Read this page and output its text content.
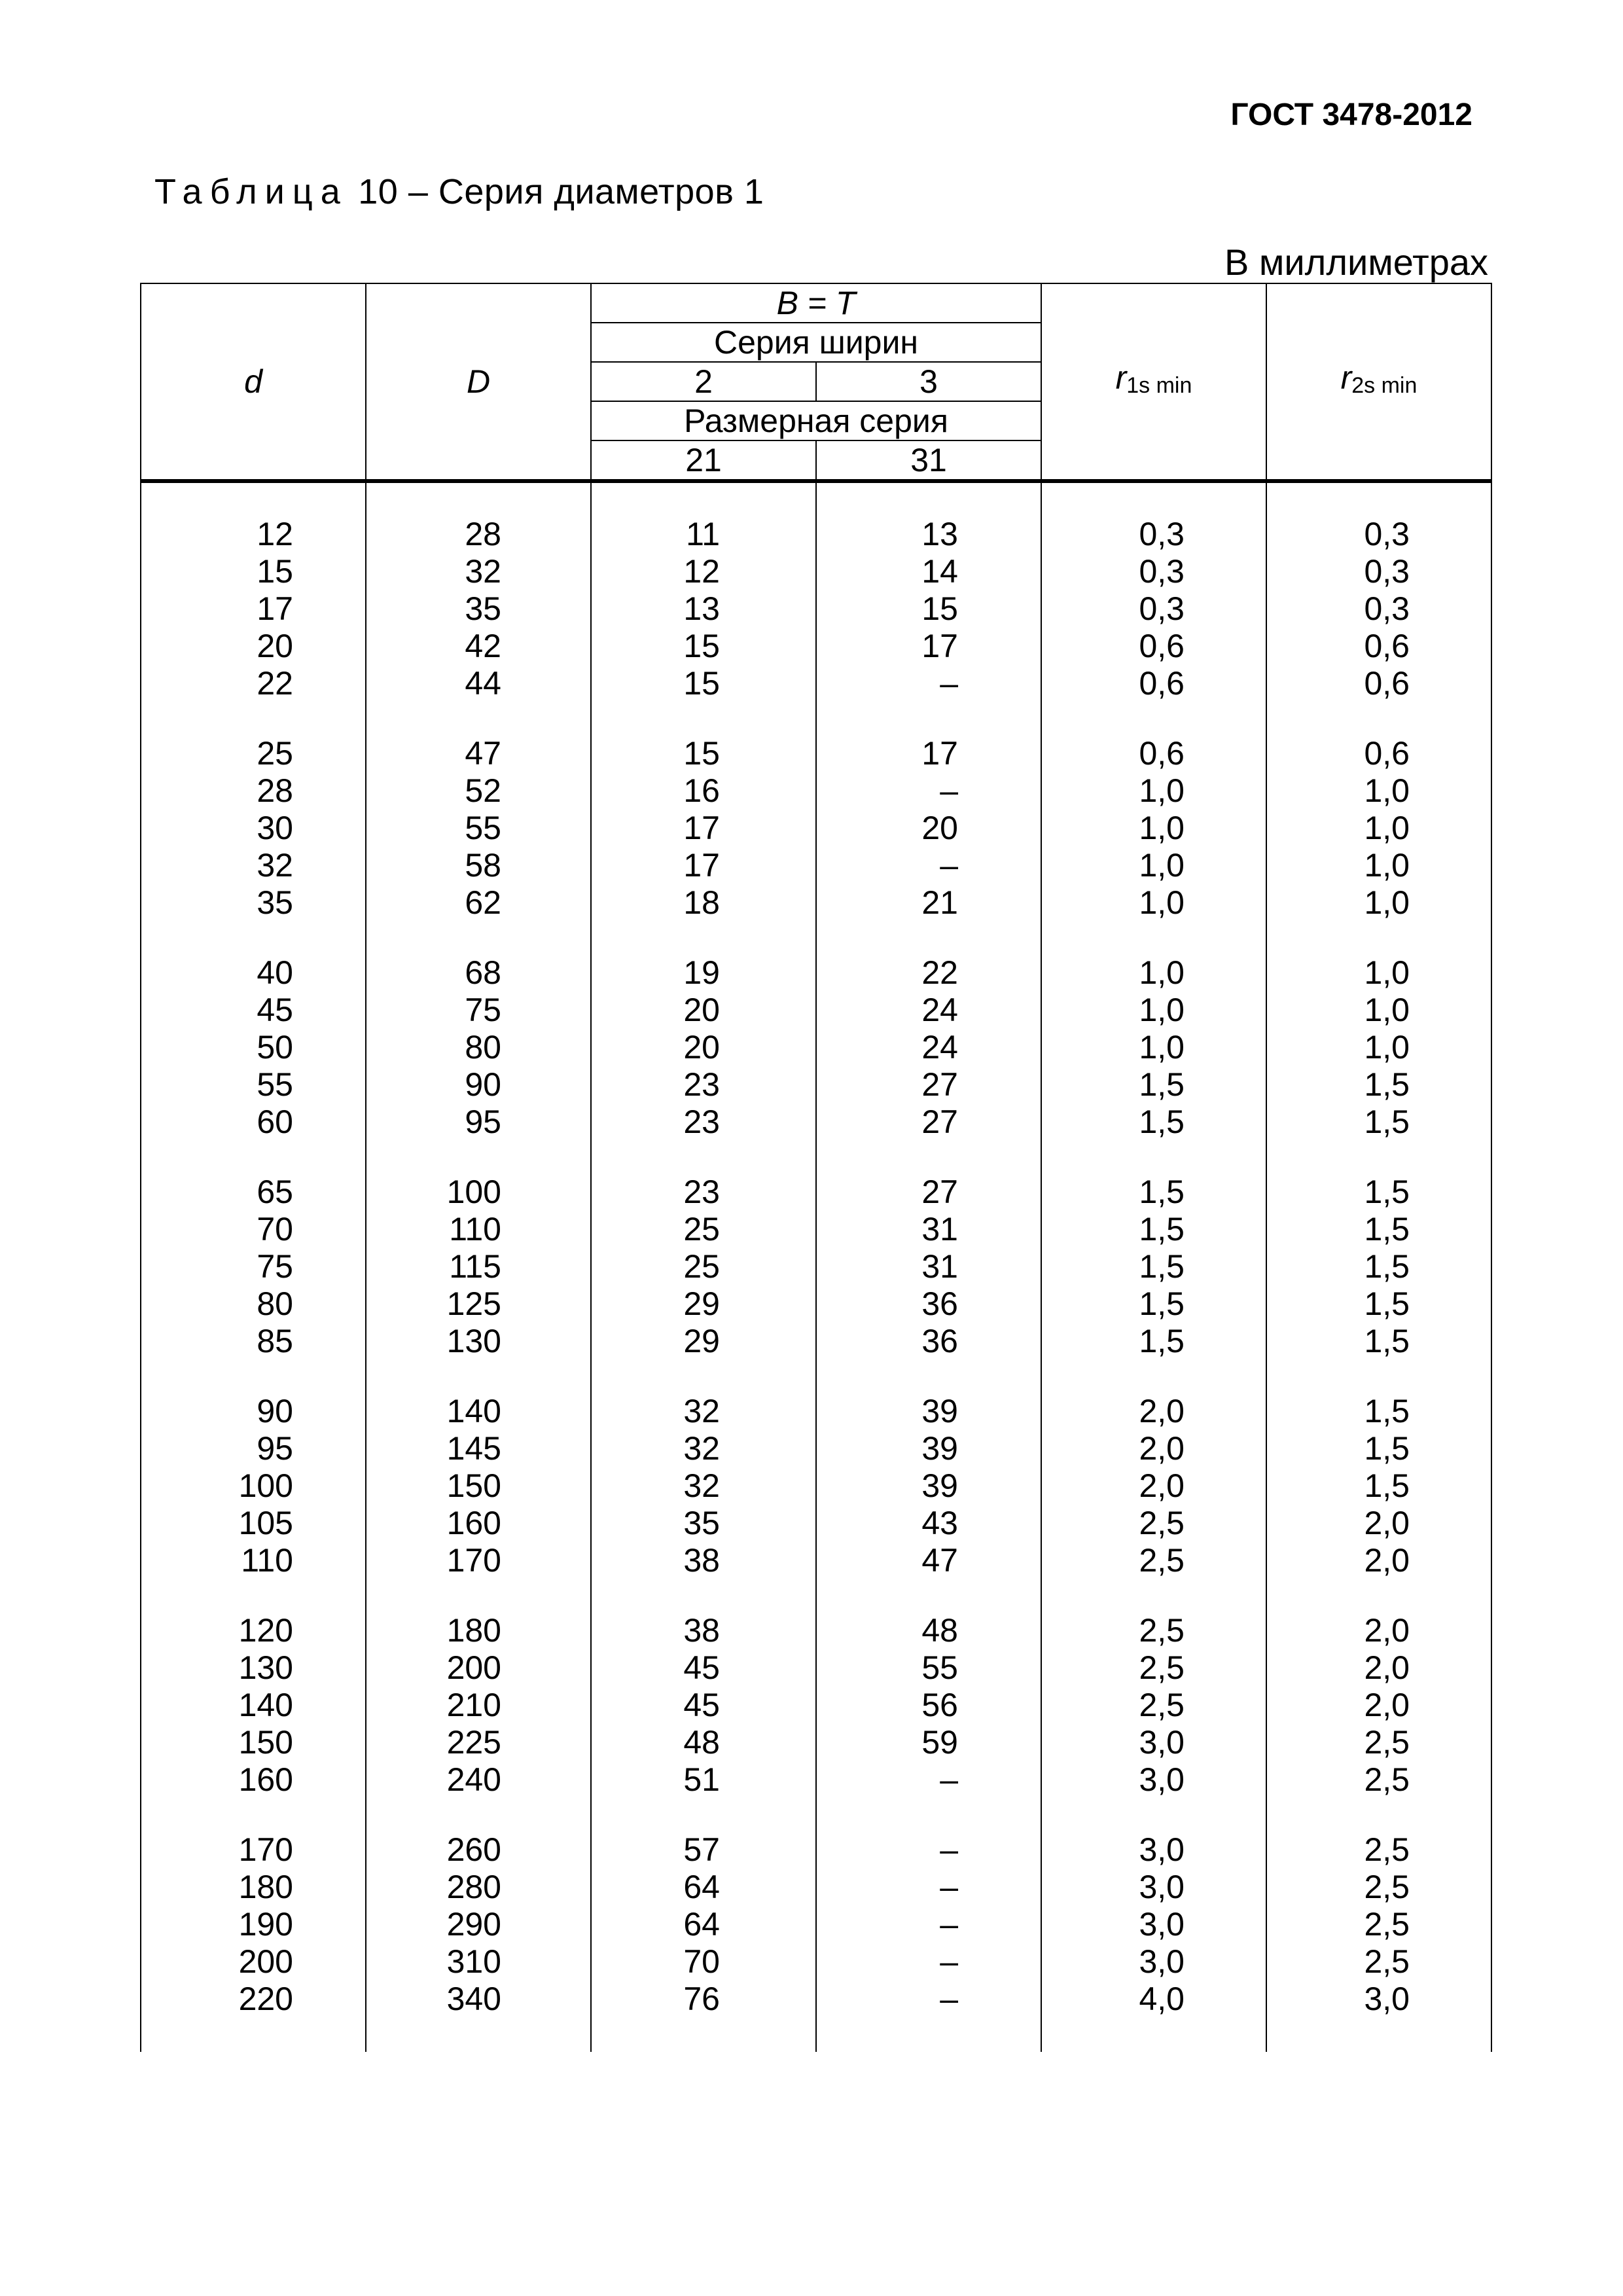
ГОСТ 3478-2012
Таблица 10 – Серия диаметров 1
В миллиметрах
d	D	B = T		$r_{1s min}$	$r_{2s min}$
		Серия ширин			
		2	3		
		Размерная серия			
		21	31		

12	28	11	13	0,3	0,3
15	32	12	14	0,3	0,3
17	35	13	15	0,3	0,3
20	42	15	17	0,6	0,6
22	44	15	–	0,6	0,6

25	47	15	17	0,6	0,6
28	52	16	–	1,0	1,0
30	55	17	20	1,0	1,0
32	58	17	–	1,0	1,0
35	62	18	21	1,0	1,0

40	68	19	22	1,0	1,0
45	75	20	24	1,0	1,0
50	80	20	24	1,0	1,0
55	90	23	27	1,5	1,5
60	95	23	27	1,5	1,5

65	100	23	27	1,5	1,5
70	110	25	31	1,5	1,5
75	115	25	31	1,5	1,5
80	125	29	36	1,5	1,5
85	130	29	36	1,5	1,5

90	140	32	39	2,0	1,5
95	145	32	39	2,0	1,5
100	150	32	39	2,0	1,5
105	160	35	43	2,5	2,0
110	170	38	47	2,5	2,0

120	180	38	48	2,5	2,0
130	200	45	55	2,5	2,0
140	210	45	56	2,5	2,0
150	225	48	59	3,0	2,5
160	240	51	–	3,0	2,5

170	260	57	–	3,0	2,5
180	280	64	–	3,0	2,5
190	290	64	–	3,0	2,5
200	310	70	–	3,0	2,5
220	340	76	–	4,0	3,0
